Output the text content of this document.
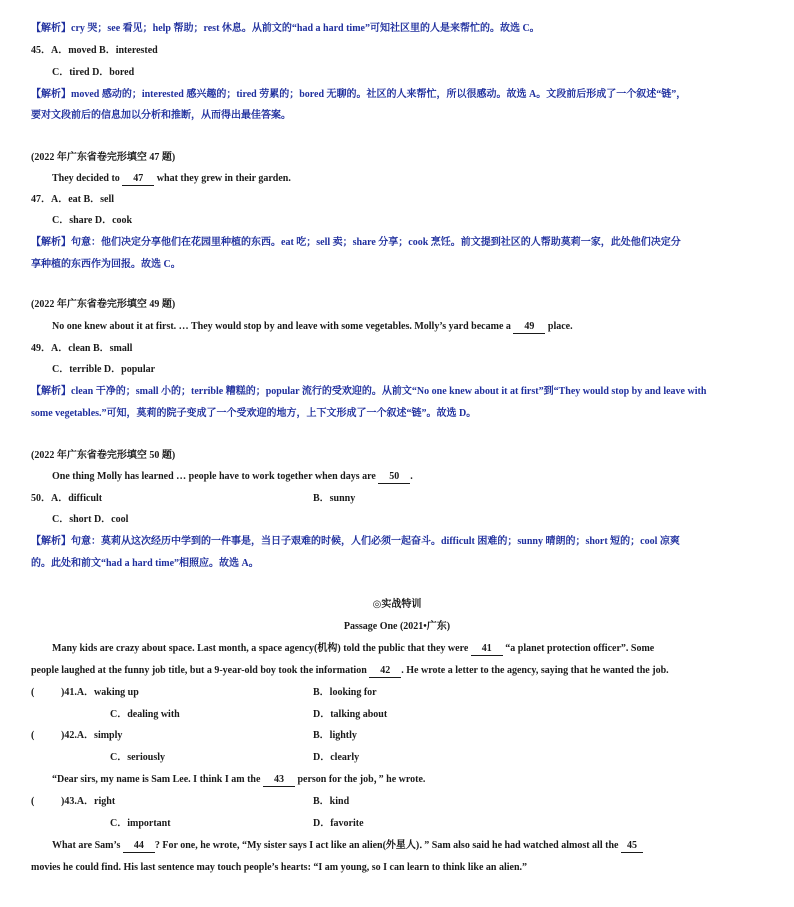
【解析】cry 哭；see 看见；help 帮助；rest 休息。从前文的“had a hard time”可知社区里的人是来帮忙的。故选 C。
45．A．moved B．interested
C．tired D．bored
【解析】moved 感动的；interested 感兴趣的；tired 劳累的；bored 无聊的。社区的人来帮忙，所以很感动。故选 A。文段前后形成了一个叙述“链”，
要对文段前后的信息加以分析和推断，从而得出最佳答案。
(2022 年广东省卷完形填空 47 题)
They decided to 47 what they grew in their garden.
47．A．eat B．sell
C．share D．cook
【解析】句意：他们决定分享他们在花园里种植的东西。eat 吃；sell 卖；share 分享；cook 烹饪。前文提到社区的人帮助莫莉一家，此处他们决定分
享种植的东西作为回报。故选 C。
(2022 年广东省卷完形填空 49 题)
No one knew about it at first. … They would stop by and leave with some vegetables. Molly’s yard became a 49 place.
49．A．clean B．small
C．terrible D．popular
【解析】clean 干净的；small 小的；terrible 糟糕的；popular 流行的受欢迎的。从前文“No one knew about it at first”到“They would stop by and leave with
some vegetables.”可知，莫莉的院子变成了一个受欢迎的地方，上下文形成了一个叙述“链”。故选 D。
(2022 年广东省卷完形填空 50 题)
One thing Molly has learned … people have to work together when days are 50 .
50．A．difficult	B．sunny
C．short D．cool
【解析】句意：莫莉从这次经历中学到的一件事是，当日子艰难的时候，人们必须一起奋斗。difficult 困难的；sunny 晴朗的；short 短的；cool 凉爽
的。此处和前文“had a hard time”相照应。故选 A。
◎实战特训
Passage One (2021•广东)
Many kids are crazy about space. Last month, a space agency(机构) told the public that they were 41 “a planet protection officer”. Some
people laughed at the funny job title, but a 9-year-old boy took the information 42 . He wrote a letter to the agency, saying that he wanted the job.
(	)41.A．waking up	B．looking for
C．dealing with	D．talking about
(	)42.A．simply	B．lightly
C．seriously	D．clearly
“Dear sirs, my name is Sam Lee. I think I am the 43 person for the job，” he wrote.
(	)43.A．right	B．kind
C．important	D．favorite
What are Sam’s 44 ? For one, he wrote, “My sister says I act like an alien(外星人)．” Sam also said he had watched almost all the 45
movies he could find. His last sentence may touch people’s hearts: “I am young, so I can learn to think like an alien.”
